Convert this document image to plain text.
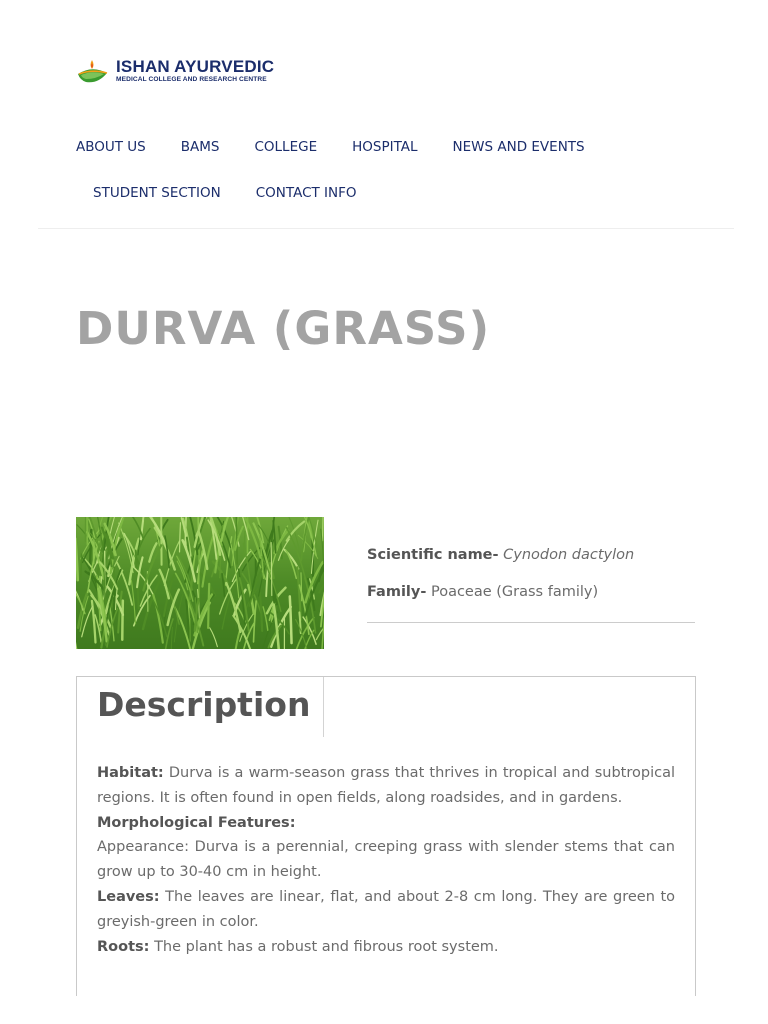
ISHAN AYURVEDIC
MEDICAL COLLEGE AND RESEARCH CENTRE
ABOUT US	BAMS	COLLEGE	HOSPITAL	NEWS AND EVENTS
STUDENT SECTION	CONTACT INFO
DURVA (GRASS)

Scientific name- Cynodon dactylon

Family- Poaceae (Grass family)

Description
Habitat: Durva is a warm-season grass that thrives in tropical and subtropical regions. It is often found in open fields, along roadsides, and in gardens.
Morphological Features:
Appearance: Durva is a perennial, creeping grass with slender stems that can grow up to 30-40 cm in height.
Leaves: The leaves are linear, flat, and about 2-8 cm long. They are green to greyish-green in color.
Roots: The plant has a robust and fibrous root system.
